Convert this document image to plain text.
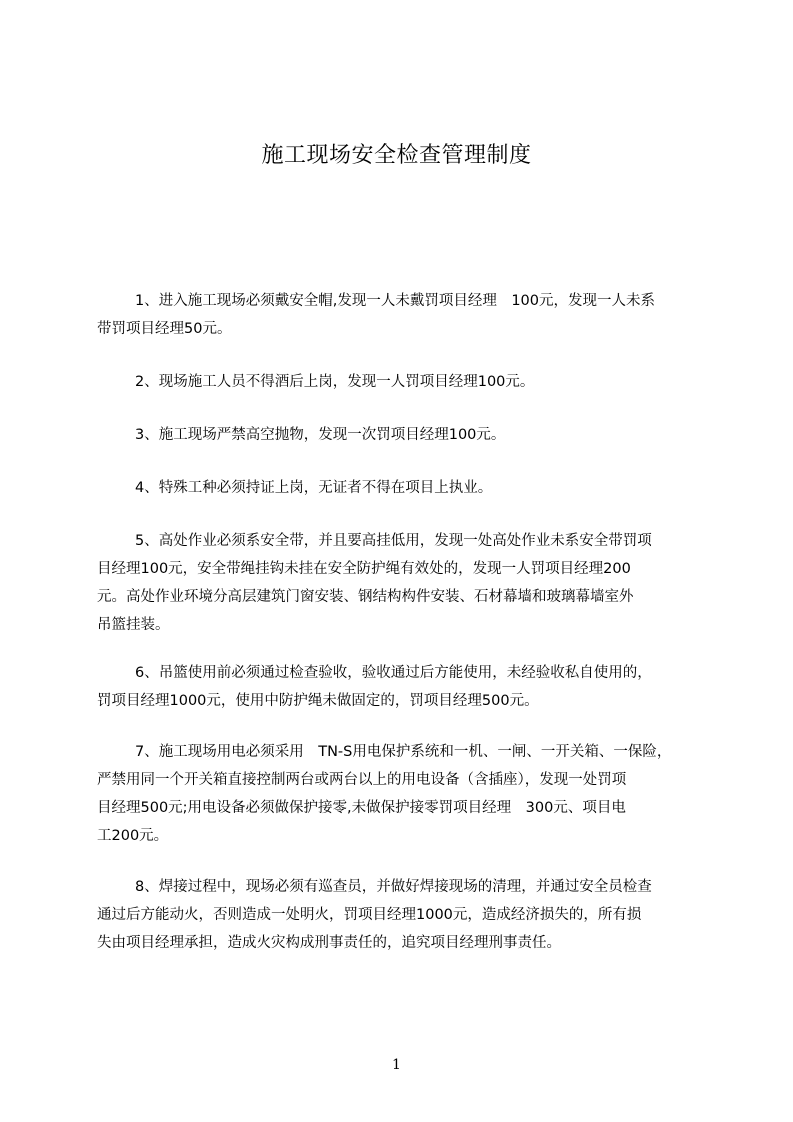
施工现场安全检查管理制度
1、进入施工现场必须戴安全帽,发现一人未戴罚项目经理　100元，发现一人未系
带罚项目经理50元。
2、现场施工人员不得酒后上岗，发现一人罚项目经理100元。
3、施工现场严禁高空抛物，发现一次罚项目经理100元。
4、特殊工种必须持证上岗，无证者不得在项目上执业。
5、高处作业必须系安全带，并且要高挂低用，发现一处高处作业未系安全带罚项
目经理100元，安全带绳挂钩未挂在安全防护绳有效处的，发现一人罚项目经理200
元。高处作业环境分高层建筑门窗安装、钢结构构件安装、石材幕墙和玻璃幕墙室外
吊篮挂装。
6、吊篮使用前必须通过检查验收，验收通过后方能使用，未经验收私自使用的，
罚项目经理1000元，使用中防护绳未做固定的，罚项目经理500元。
7、施工现场用电必须采用　TN-S用电保护系统和一机、一闸、一开关箱、一保险，
严禁用同一个开关箱直接控制两台或两台以上的用电设备（含插座），发现一处罚项
目经理500元;用电设备必须做保护接零,未做保护接零罚项目经理　300元、项目电
工200元。
8、焊接过程中，现场必须有巡查员，并做好焊接现场的清理，并通过安全员检查
通过后方能动火，否则造成一处明火，罚项目经理1000元，造成经济损失的，所有损
失由项目经理承担，造成火灾构成刑事责任的，追究项目经理刑事责任。
1
